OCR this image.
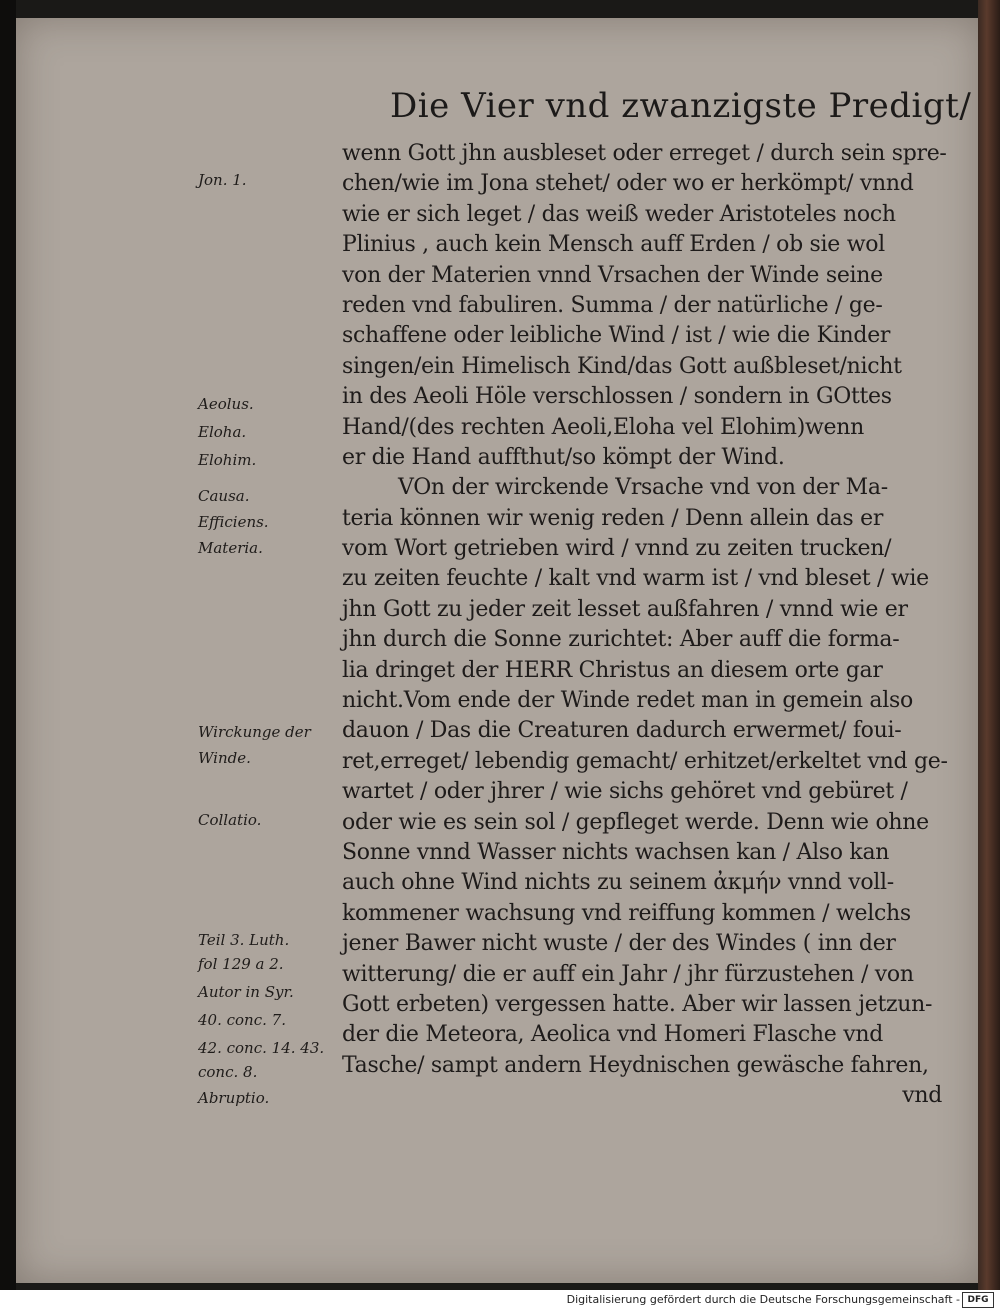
Die Vier vnd zwanzigste Predigt/
wenn Gott jhn ausbleset oder erreget / durch sein spre-
chen/wie im Jona stehet/ oder wo er herkömpt/ vnnd
wie er sich leget / das weiß weder Aristoteles noch
Plinius , auch kein Mensch auff Erden / ob sie wol
von der Materien vnnd Vrsachen der Winde seine
reden vnd fabuliren. Summa / der natürliche / ge-
schaffene oder leibliche Wind / ist / wie die Kinder
singen/ein Himelisch Kind/das Gott außbleset/nicht
in des Aeoli Höle verschlossen / sondern in GOttes
Hand/(des rechten Aeoli,Eloha vel Elohim)wenn
er die Hand auffthut/so kömpt der Wind.
VOn der wirckende Vrsache vnd von der Ma-
teria können wir wenig reden / Denn allein das er
vom Wort getrieben wird / vnnd zu zeiten trucken/
zu zeiten feuchte / kalt vnd warm ist / vnd bleset / wie
jhn Gott zu jeder zeit lesset außfahren / vnnd wie er
jhn durch die Sonne zurichtet: Aber auff die forma-
lia dringet der HERR Christus an diesem orte gar
nicht.Vom ende der Winde redet man in gemein also
dauon / Das die Creaturen dadurch erwermet/ foui-
ret,erreget/ lebendig gemacht/ erhitzet/erkeltet vnd ge-
wartet / oder jhrer / wie sichs gehöret vnd gebüret /
oder wie es sein sol / gepfleget werde. Denn wie ohne
Sonne vnnd Wasser nichts wachsen kan / Also kan
auch ohne Wind nichts zu seinem ἀκμήν vnnd voll-
kommener wachsung vnd reiffung kommen / welchs
jener Bawer nicht wuste / der des Windes ( inn der
witterung/ die er auff ein Jahr / jhr fürzustehen / von
Gott erbeten) vergessen hatte. Aber wir lassen jetzun-
der die Meteora, Aeolica vnd Homeri Flasche vnd
Tasche/ sampt andern Heydnischen gewäsche fahren,
vnd
Jon. 1.
Aeolus.
Eloha.
Elohim.
Causa.
Efficiens.
Materia.
Wirckunge der
Winde.
Collatio.
Teil 3. Luth.
fol 129 a 2.
Autor in Syr.
40. conc. 7.
42. conc. 14. 43.
conc. 8.
Abruptio.
Digitalisierung gefördert durch die Deutsche Forschungsgemeinschaft - DFG
